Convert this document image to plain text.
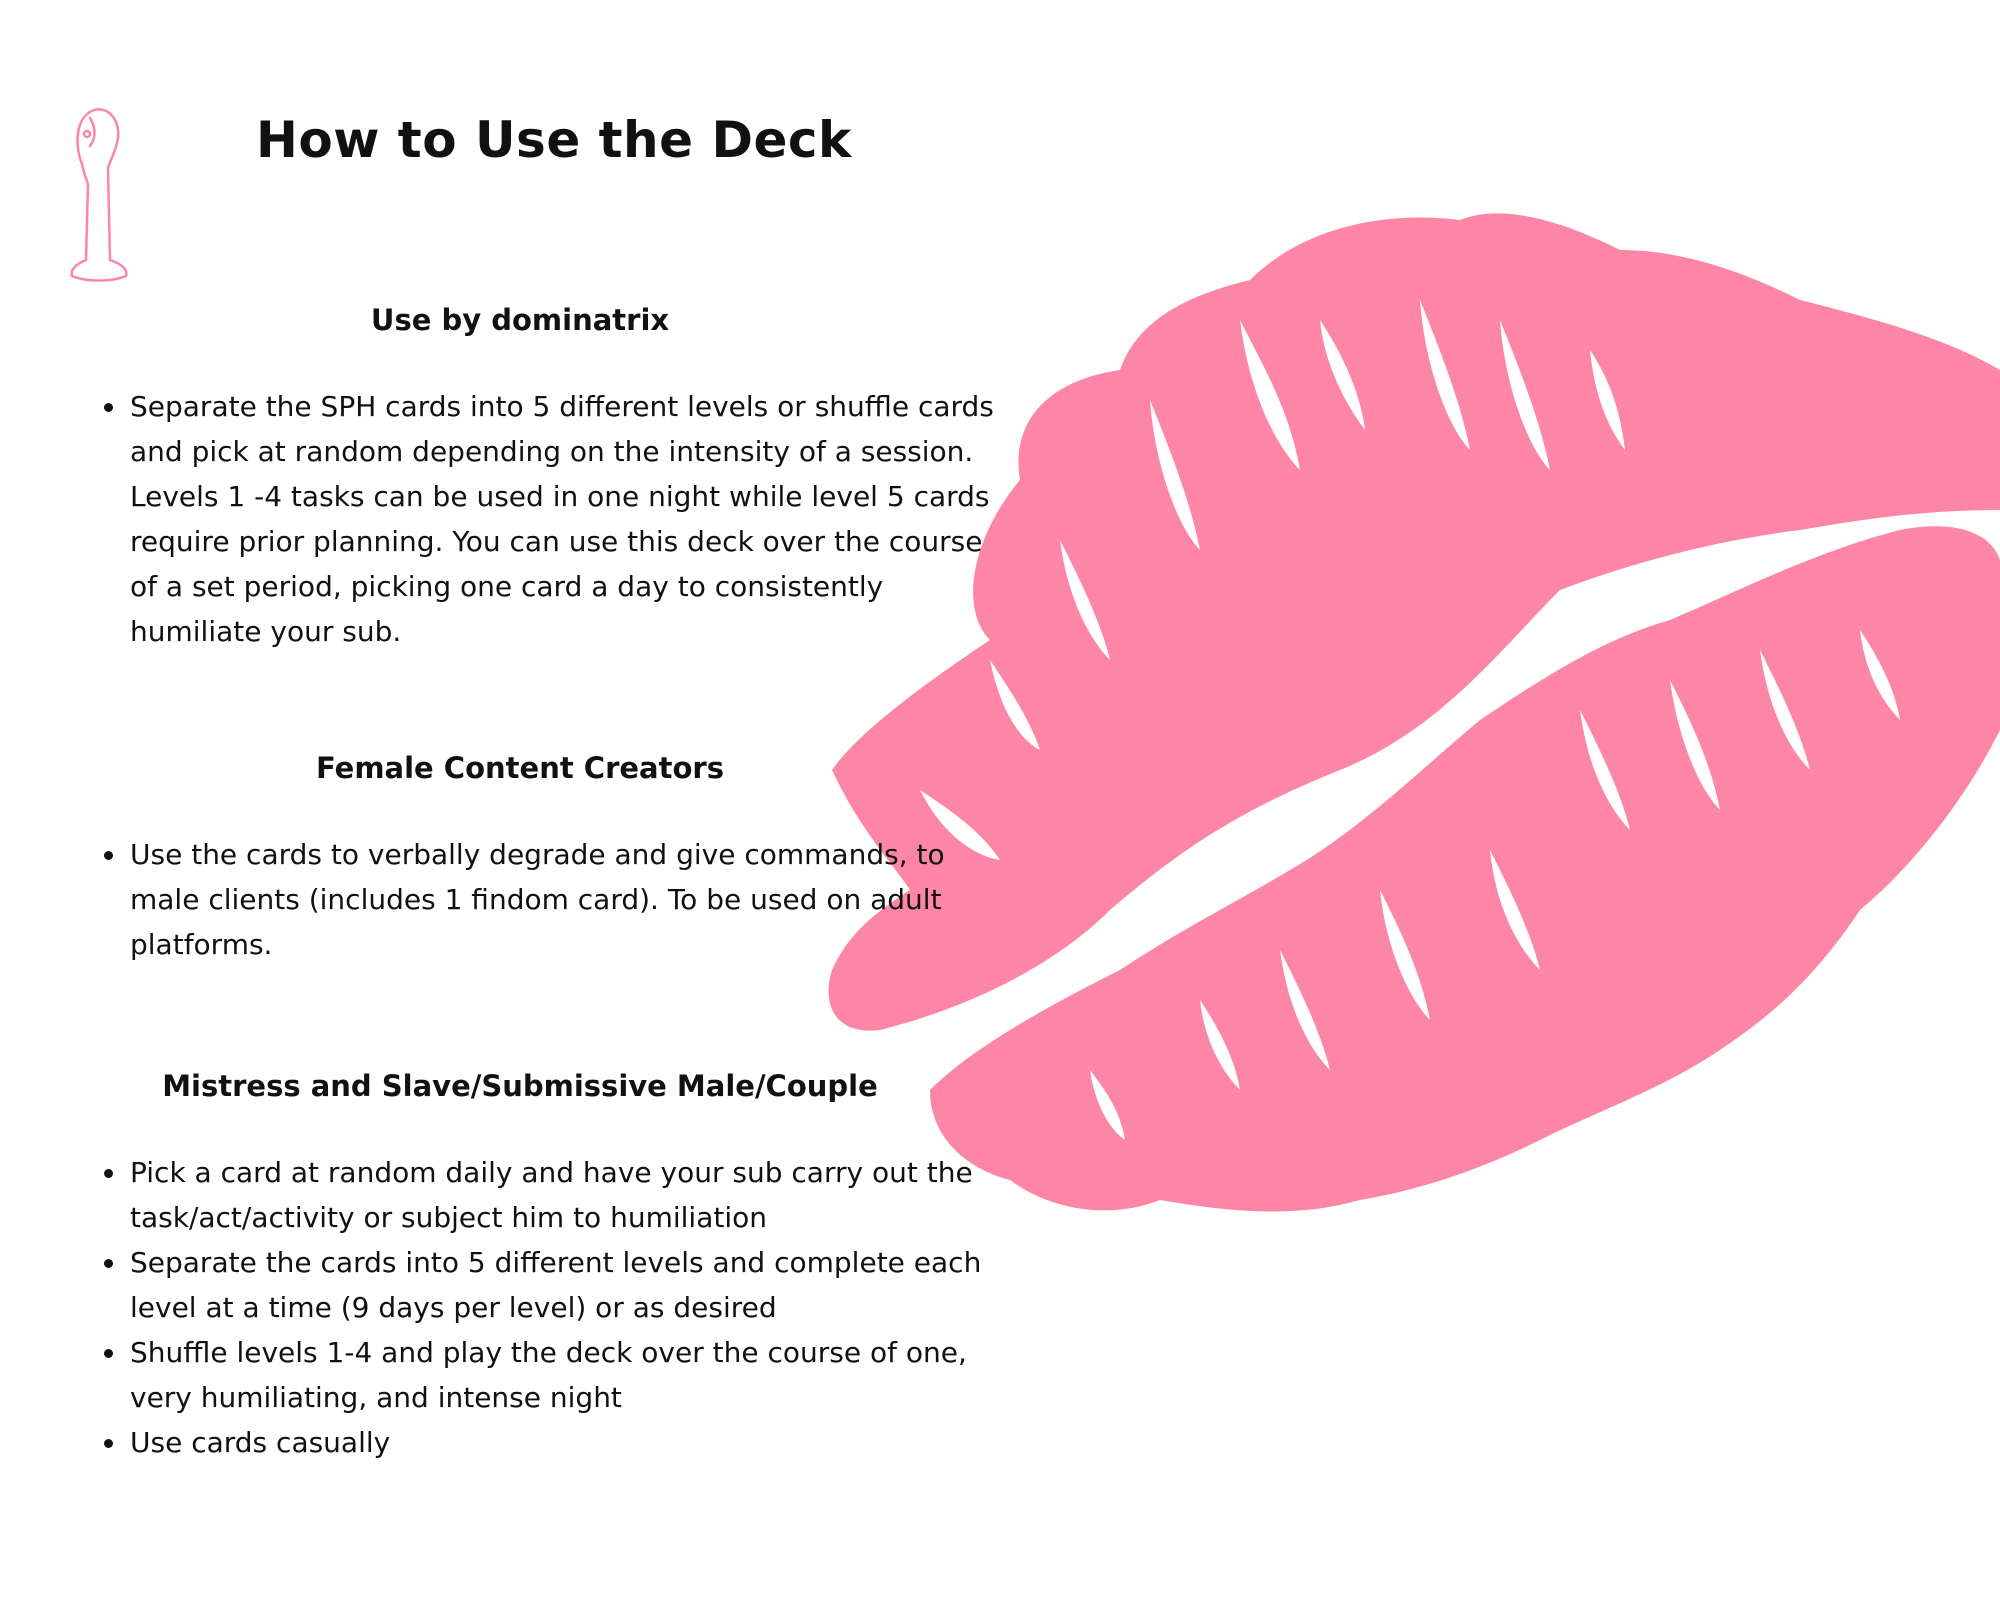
How to Use the Deck
Use by dominatrix
Separate the SPH cards into 5 different levels or shuffle cards and pick at random depending on the intensity of a session. Levels 1 -4 tasks can be used in one night while level 5 cards require prior planning. You can use this deck over the course of a set period, picking one card a day to consistently humiliate your sub.
Female Content Creators
Use the cards to verbally degrade and give commands, to male clients (includes 1 findom card). To be used on adult platforms.
Mistress and Slave/Submissive Male/Couple
Pick a card at random daily and have your sub carry out the task/act/activity or subject him to humiliation
Separate the cards into 5 different levels and complete each level at a time (9 days per level) or as desired
Shuffle levels 1-4 and play the deck over the course of one, very humiliating, and intense night
Use cards casually
